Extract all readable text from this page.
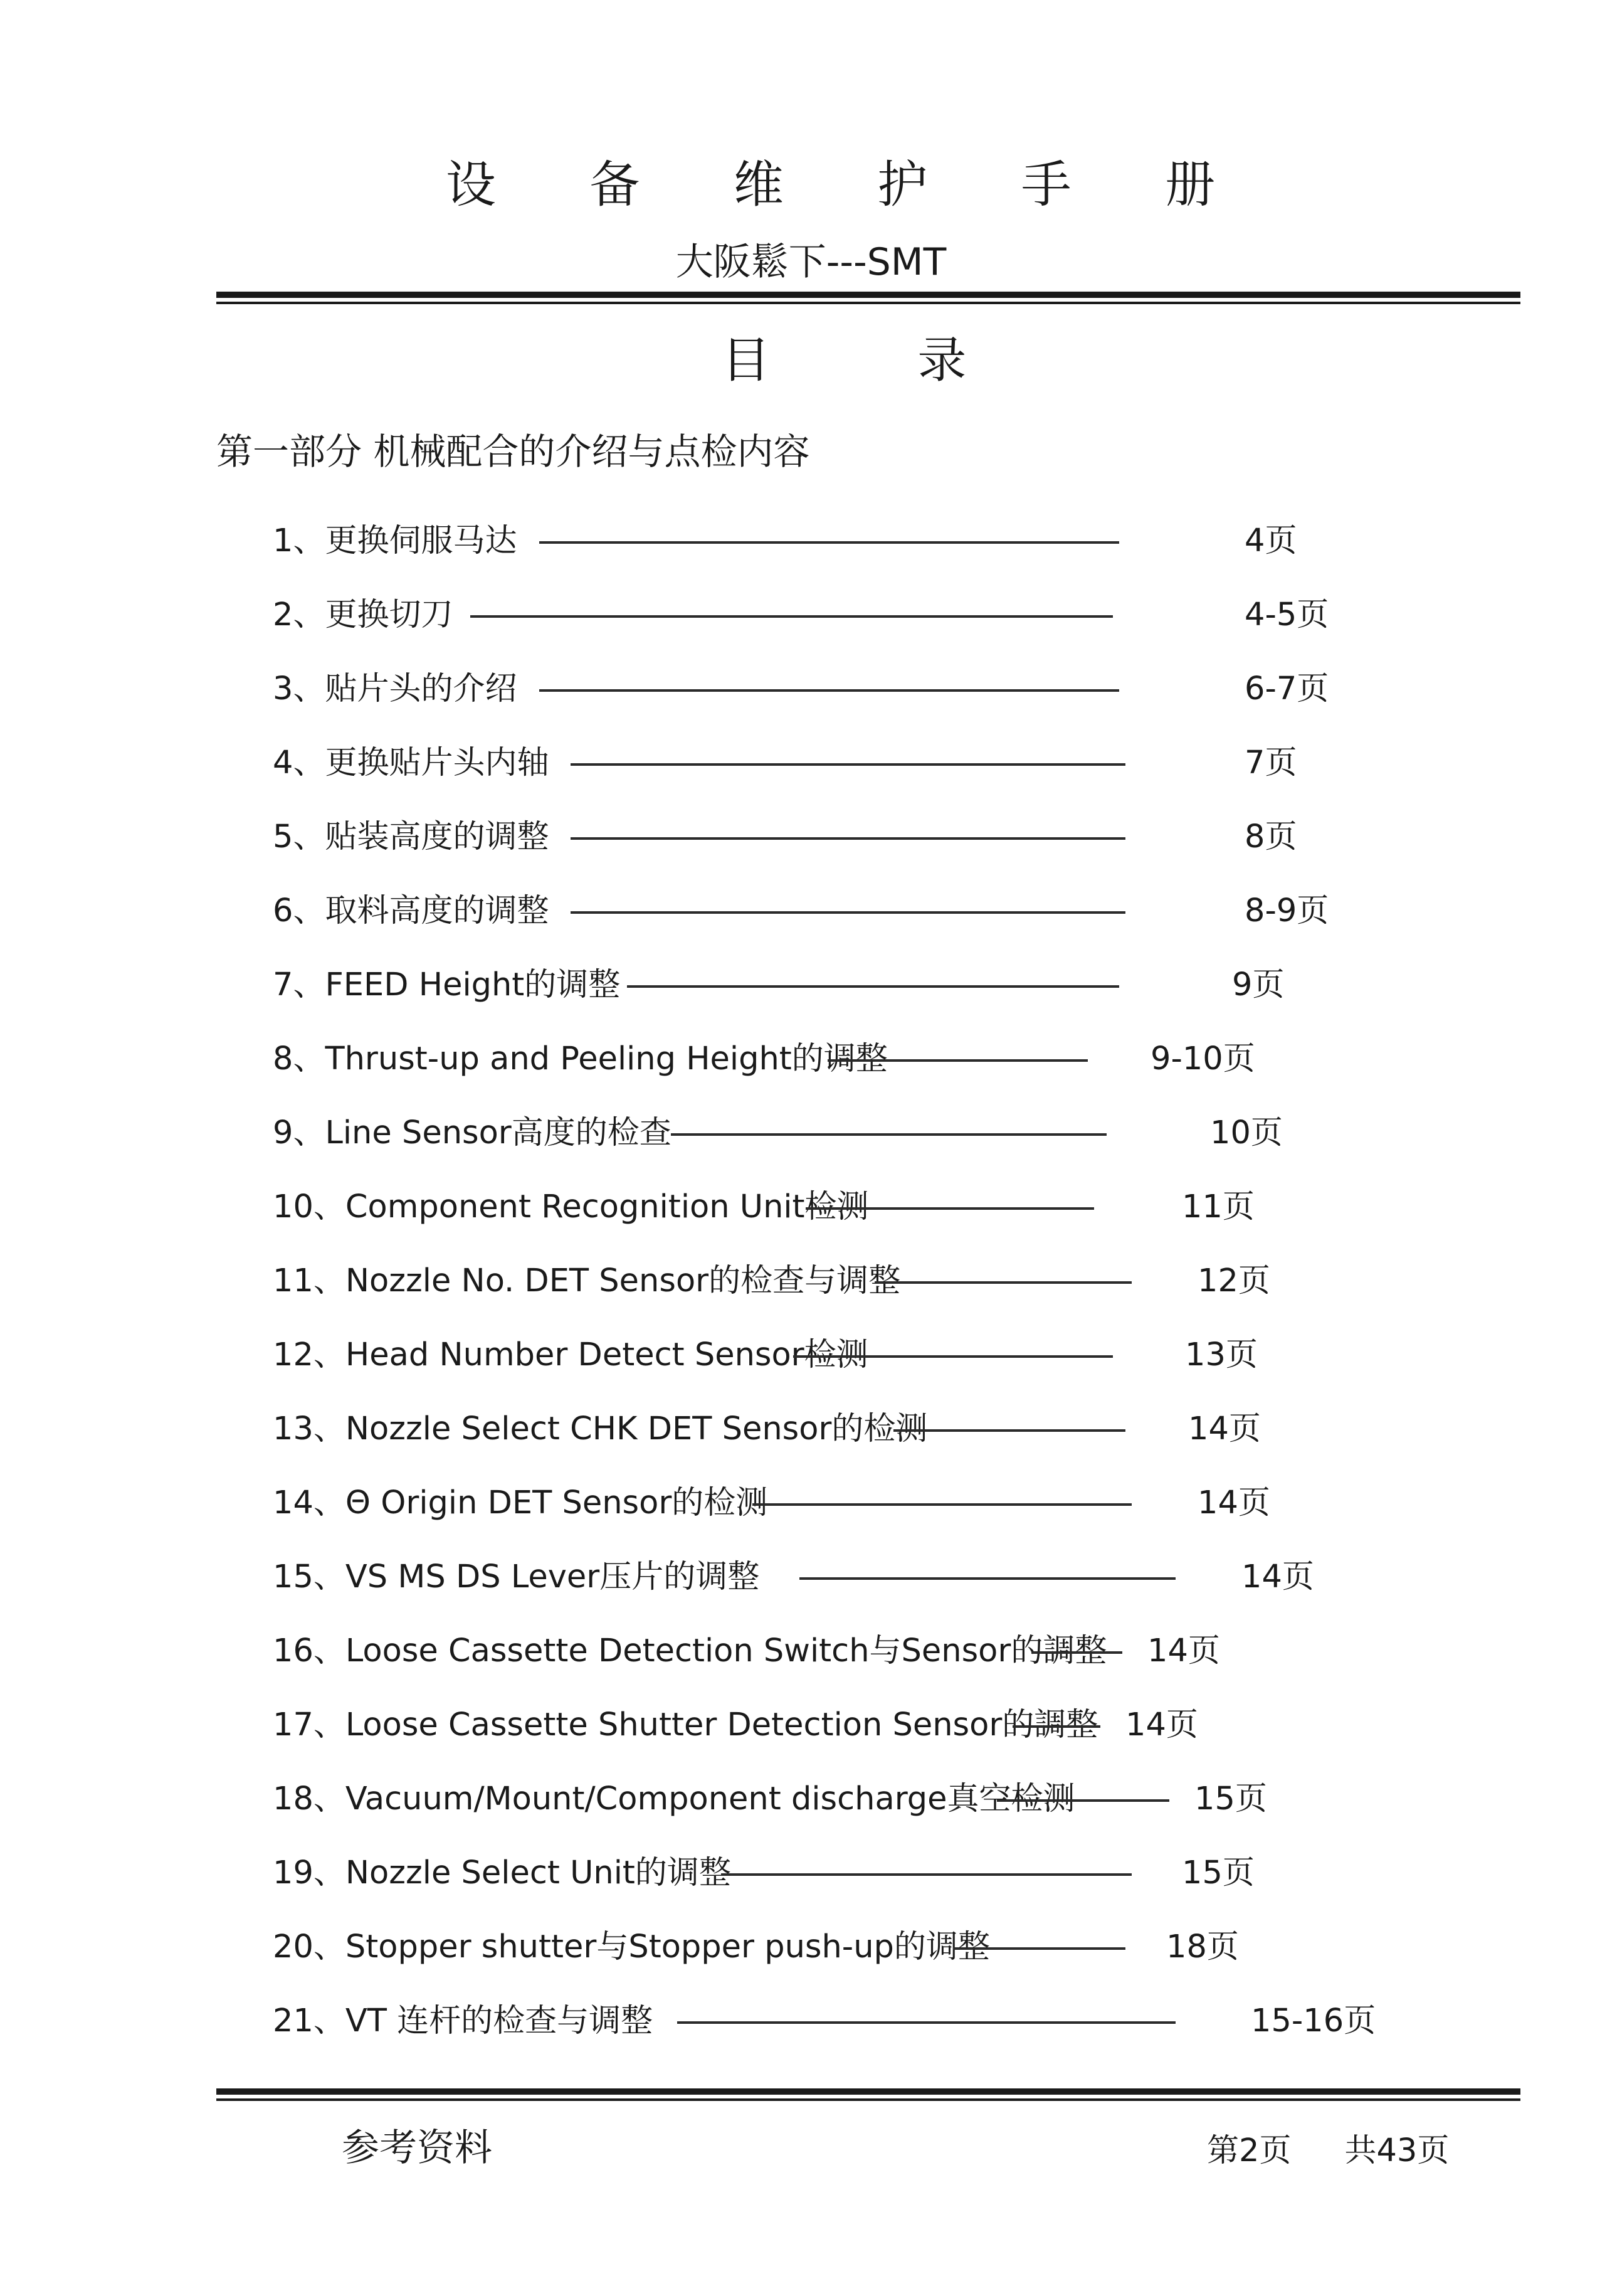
设 备 维 护 手 册
大阪鬆下---SMT
目 录
第一部分 机械配合的介绍与点检内容
1、更换伺服马达	4页
2、更换切刀	4-5页
3、贴片头的介绍	6-7页
4、更换贴片头内轴	7页
5、贴装高度的调整	8页
6、取料高度的调整	8-9页
7、FEED Height的调整	9页
8、Thrust-up and Peeling Height的调整	9-10页
9、Line Sensor高度的检查	10页
10、Component Recognition Unit检测	11页
11、Nozzle No. DET Sensor的检查与调整	12页
12、Head Number Detect Sensor检测	13页
13、Nozzle Select CHK DET Sensor的检测	14页
14、Θ Origin DET Sensor的检测	14页
15、VS MS DS Lever压片的调整	14页
16、Loose Cassette Detection Switch与Sensor的調整 14页
17、Loose Cassette Shutter Detection Sensor的調整 14页
18、Vacuum/Mount/Component discharge真空检测	15页
19、Nozzle Select Unit的调整	15页
20、Stopper shutter与Stopper push-up的调整	18页
21、VT 连杆的检查与调整	15-16页
参考资料	第2页 共43页
